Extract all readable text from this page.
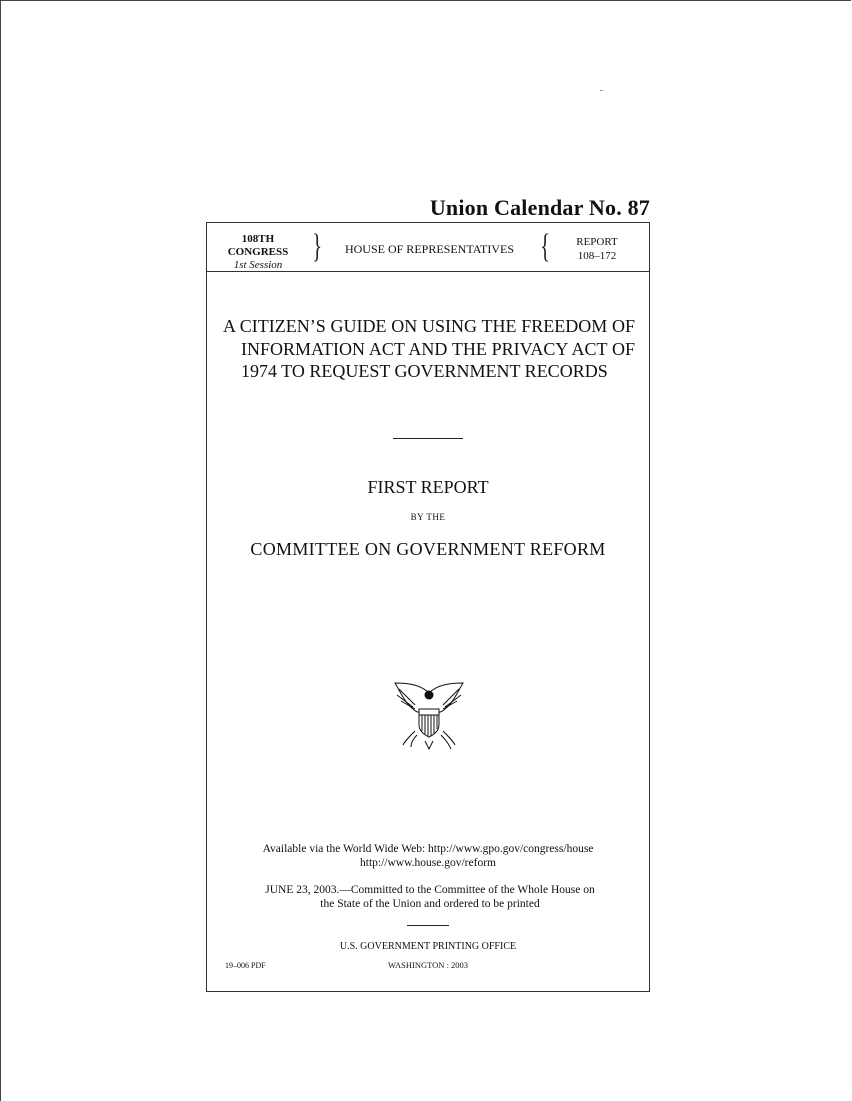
Union Calendar No. 87
108TH CONGRESS
1st Session }	HOUSE OF REPRESENTATIVES {	REPORT
108–172

A CITIZEN’S GUIDE ON USING THE FREEDOM OF INFORMATION ACT AND THE PRIVACY ACT OF 1974 TO REQUEST GOVERNMENT RECORDS

FIRST REPORT
BY THE
COMMITTEE ON GOVERNMENT REFORM
Available via the World Wide Web: http://www.gpo.gov/congress/house
http://www.house.gov/reform
JUNE 23, 2003.—Committed to the Committee of the Whole House on
the State of the Union and ordered to be printed
U.S. GOVERNMENT PRINTING OFFICE
19–006 PDF	WASHINGTON : 2003
